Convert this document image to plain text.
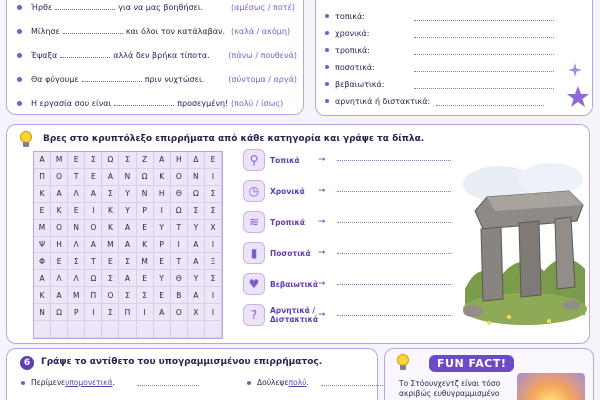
Ήρθε	για να μας βοηθήσει.	(αμέσως / ποτέ)
Μίλησε	και όλοι τον κατάλαβαν. (καλά / ακόμη)
Έψαξα	αλλά δεν βρήκα τίποτα.	(πάνω / πουθενά)
Θα φύγουμε	πριν νυχτώσει.	(σύντομα / αργά)
Η εργασία σου είναι	προσεγμένη! (πολύ / ίσως)
τοπικά:
χρονικά:
τροπικά:
ποσοτικά:
βεβαιωτικά:
αρνητικά ή διστακτικά:
Βρες στο κρυπτόλεξο επιρρήματα από κάθε κατηγορία και γράψε τα δίπλα.
Α	Μ	Ε	Σ	Ω	Σ	Ζ	Α	Η	Δ	Ε
Π	Ο	Τ	Ε	Α	Ν	Ω	Κ	Ο	Ν	Ι
Κ	Α	Λ	Α	Σ	Υ	Ν	Η	Θ	Ω	Σ
Ε	Κ	Ε	Ι	Κ	Υ	Ρ	Ι	Ω	Σ	Σ
Μ	Ο	Ν	Ο	Κ	Α	Ε	Υ	Τ	Υ	Χ
Ψ	Η	Λ	Α	Μ	Α	Κ	Ρ	Ι	Α	Ι
Φ	Ε	Σ	Τ	Ε	Σ	Μ	Ε	Τ	Α	Ξ
Α	Λ	Λ	Ω	Σ	Α	Ε	Υ	Θ	Υ	Σ
Κ	Α	Μ	Π	Ο	Σ	Σ	Ε	Β	Α	Ι
Ν	Ω	Ρ	Ι	Σ	Π	Ι	Α	Ο	Χ	Ι
⚲	Τοπικά	➞
◷	Χρονικά	➞
≋	Τροπικά	➞
▮	Ποσοτικά ➞
♥	Βεβαιωτικά ➞
?	Αρνητικά / Διστακτικά ➞
6	Γράψε το αντίθετο του υπογραμμισμένου επιρρήματος.
Περίμενε υπομονετικά .	Δούλεψε πολύ .
FUN FACT!
Το Στόουνχεντζ είναι τόσο ακριβώς ευθυγραμμισμένο
